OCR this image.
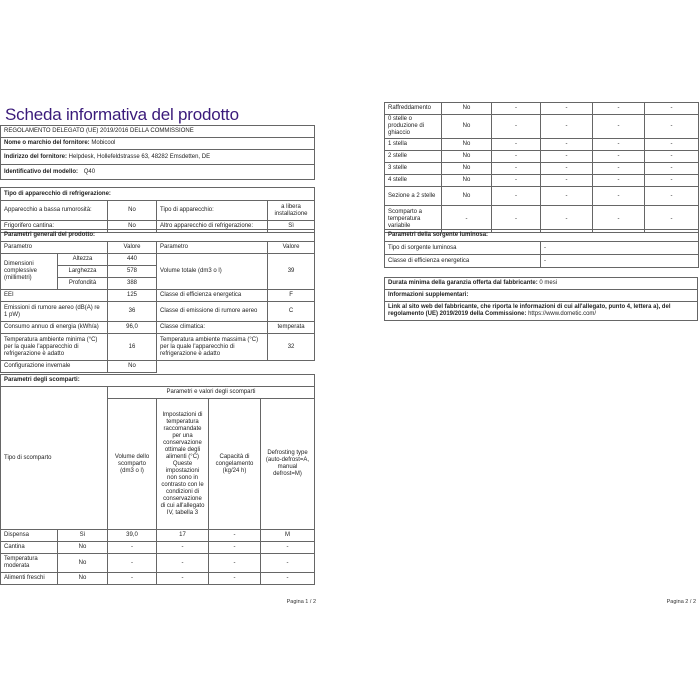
Scheda informativa del prodotto
REGOLAMENTO DELEGATO (UE) 2019/2016 DELLA COMMISSIONE
Nome o marchio del fornitore: Mobicool
Indirizzo del fornitore: Helpdesk, Hollefeldstrasse 63, 48282 Emsdetten, DE
Identificativo del modello: Q40
Tipo di apparecchio di refrigerazione:			
Apparecchio a bassa rumorosità:	No	Tipo di apparecchio:	a libera installazione
Frigorifero cantina:	No	Altro apparecchio di refrigerazione:	Sì
Parametri generali del prodotto:				
Parametro		Valore	Parametro	Valore
Dimensioni complessive (millimetri)	Altezza	440	Volume totale (dm3 o l)	39
	Larghezza	578		
	Profondità	388		
EEI		125	Classe di efficienza energetica	F
Emissioni di rumore aereo (dB(A) re 1 pW)		36	Classe di emissione di rumore aereo	C
Consumo annuo di energia (kWh/a)		96,0	Classe climatica:	temperata
Temperatura ambiente minima (°C) per la quale l'apparecchio di refrigerazione è adatto		16	Temperatura ambiente massima (°C) per la quale l'apparecchio di refrigerazione è adatto	32
Configurazione invernale		No		
Parametri degli scomparti:					
Tipo di scomparto		Parametri e valori degli scomparti			
		Volume dello scomparto (dm3 o l)	Impostazioni di temperatura raccomandate per una conservazione ottimale degli alimenti (°C) Queste impostazioni non sono in contrasto con le condizioni di conservazione di cui all'allegato IV, tabella 3	Capacità di congelamento (kg/24 h)	Defrosting type (auto-defrost=A, manual defrost=M)
Dispensa	Sì	39,0	17	-	M
Cantina	No	-	-	-	-
Temperatura moderata	No	-	-	-	-
Alimenti freschi	No	-	-	-	-
Pagina 1 / 2
Raffreddamento	No	-	-	-	-
0 stelle o produzione di ghiaccio	No	-	-	-	-
1 stella	No	-	-	-	-
2 stelle	No	-	-	-	-
3 stelle	No	-	-	-	-
4 stelle	No	-	-	-	-
Sezione a 2 stelle	No	-	-	-	-
Scomparto a temperatura variabile	-	-	-	-	-
Parametri della sorgente luminosa:	
Tipo di sorgente luminosa	-
Classe di efficienza energetica	-
Durata minima della garanzia offerta dal fabbricante: 0 mesi
Informazioni supplementari:
Link al sito web del fabbricante, che riporta le informazioni di cui all'allegato, punto 4, lettera a), del regolamento (UE) 2019/2019 della Commissione: https://www.dometic.com/
Pagina 2 / 2
